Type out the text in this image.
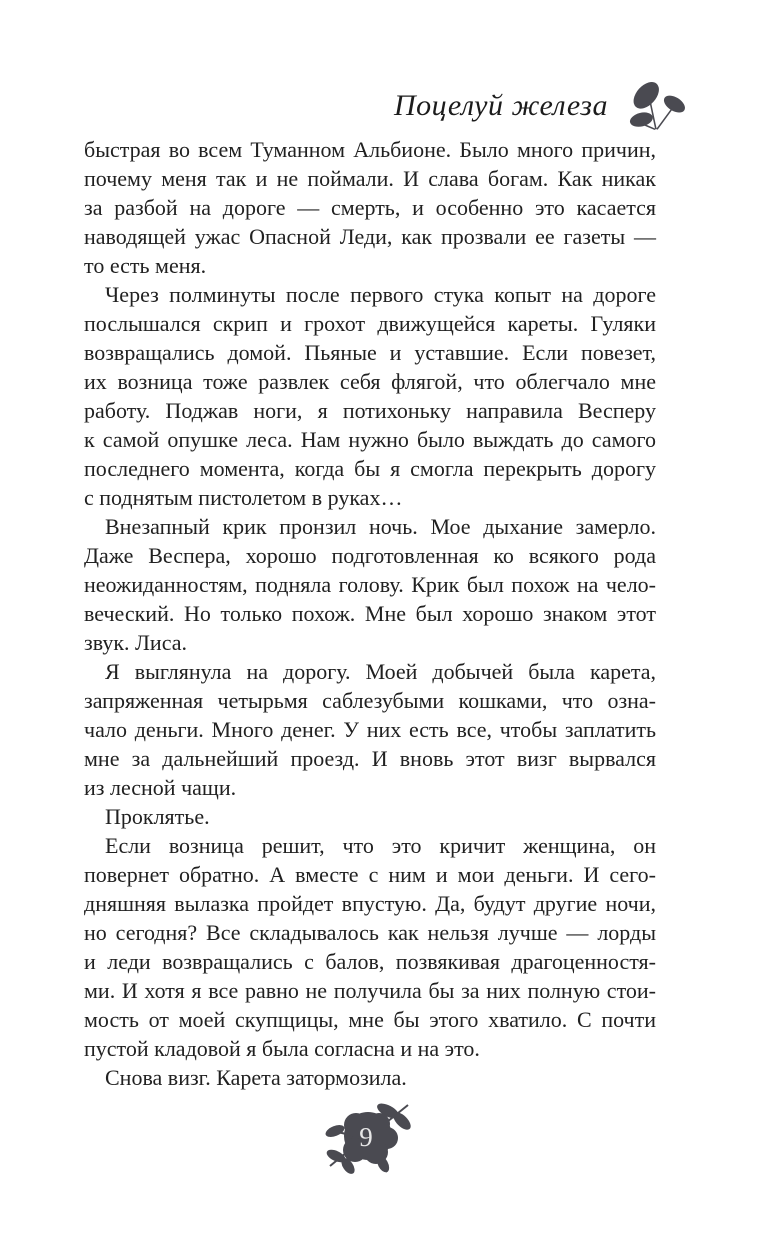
Поцелуй железа
быстрая во всем Туманном Альбионе. Было много причин,
почему меня так и не поймали. И слава богам. Как никак
за разбой на дороге — смерть, и особенно это касается
наводящей ужас Опасной Леди, как прозвали ее газеты —
то есть меня.
Через полминуты после первого стука копыт на дороге
послышался скрип и грохот движущейся кареты. Гуляки
возвращались домой. Пьяные и уставшие. Если повезет,
их возница тоже развлек себя флягой, что облегчало мне
работу. Поджав ноги, я потихоньку направила Весперу
к самой опушке леса. Нам нужно было выждать до самого
последнего момента, когда бы я смогла перекрыть дорогу
с поднятым пистолетом в руках…
Внезапный крик пронзил ночь. Мое дыхание замерло.
Даже Веспера, хорошо подготовленная ко всякого рода
неожиданностям, подняла голову. Крик был похож на чело-
веческий. Но только похож. Мне был хорошо знаком этот
звук. Лиса.
Я выглянула на дорогу. Моей добычей была карета,
запряженная четырьмя саблезубыми кошками, что озна-
чало деньги. Много денег. У них есть все, чтобы заплатить
мне за дальнейший проезд. И вновь этот визг вырвался
из лесной чащи.
Проклятье.
Если возница решит, что это кричит женщина, он
повернет обратно. А вместе с ним и мои деньги. И сего-
дняшняя вылазка пройдет впустую. Да, будут другие ночи,
но сегодня? Все складывалось как нельзя лучше — лорды
и леди возвращались с балов, позвякивая драгоценностя-
ми. И хотя я все равно не получила бы за них полную стои-
мость от моей скупщицы, мне бы этого хватило. С почти
пустой кладовой я была согласна и на это.
Снова визг. Карета затормозила.
9
